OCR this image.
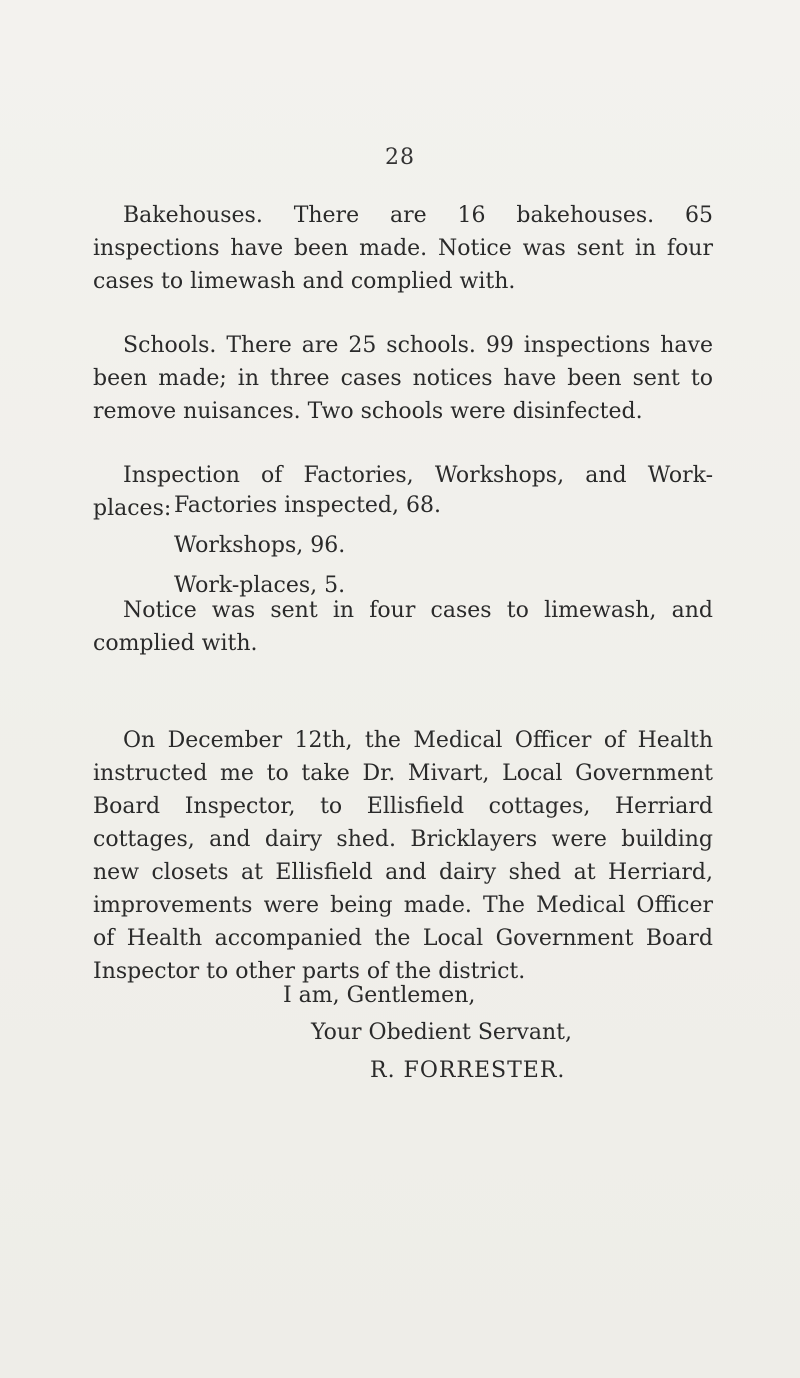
28

Bakehouses. There are 16 bakehouses. 65 inspections have been made. Notice was sent in four cases to limewash and complied with.

Schools. There are 25 schools. 99 inspections have been made; in three cases notices have been sent to remove nuisances. Two schools were disinfected.

Inspection of Factories, Workshops, and Work-places: Factories inspected, 68.
Workshops, 96.
Work-places, 5.

Notice was sent in four cases to limewash, and complied with.

On December 12th, the Medical Officer of Health instructed me to take Dr. Mivart, Local Government Board Inspector, to Ellisfield cottages, Herriard cottages, and dairy shed. Bricklayers were building new closets at Ellisfield and dairy shed at Herriard, improvements were being made. The Medical Officer of Health accompanied the Local Government Board Inspector to other parts of the district.

I am, Gentlemen,
Your Obedient Servant,
R. FORRESTER.
